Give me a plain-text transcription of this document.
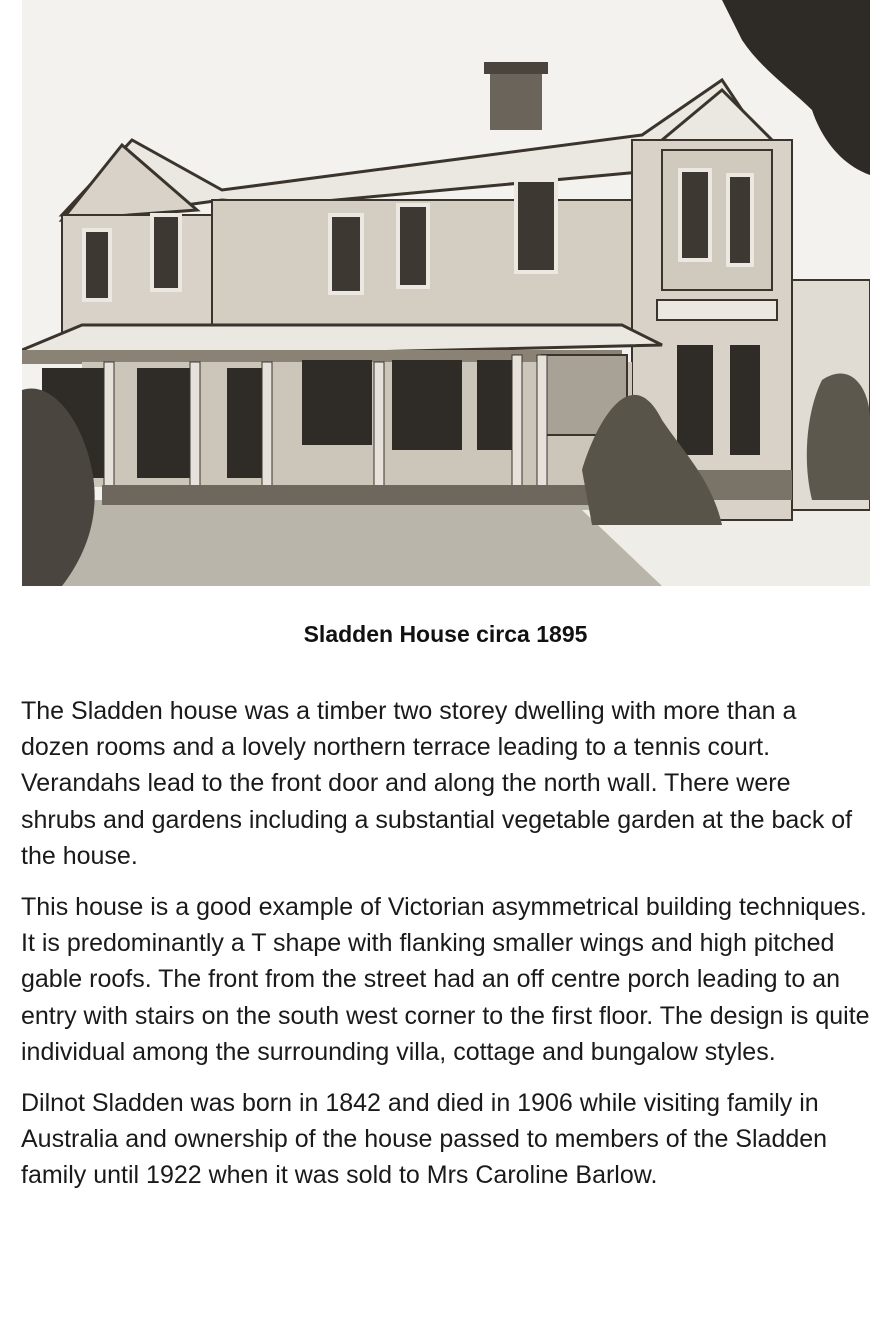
Sladden House circa 1895

The Sladden house was a timber two storey dwelling with more than a dozen rooms and a lovely northern terrace leading to a tennis court. Verandahs lead to the front door and along the north wall. There were shrubs and gardens including a substantial vegetable garden at the back of the house.

This house is a good example of Victorian asymmetrical building techniques. It is predominantly a T shape with flanking smaller wings and high pitched gable roofs. The front from the street had an off centre porch leading to an entry with stairs on the south west corner to the first floor. The design is quite individual among the surrounding villa, cottage and bungalow styles.

Dilnot Sladden was born in 1842 and died in 1906 while visiting family in Australia and ownership of the house passed to members of the Sladden family until 1922 when it was sold to Mrs Caroline Barlow.
